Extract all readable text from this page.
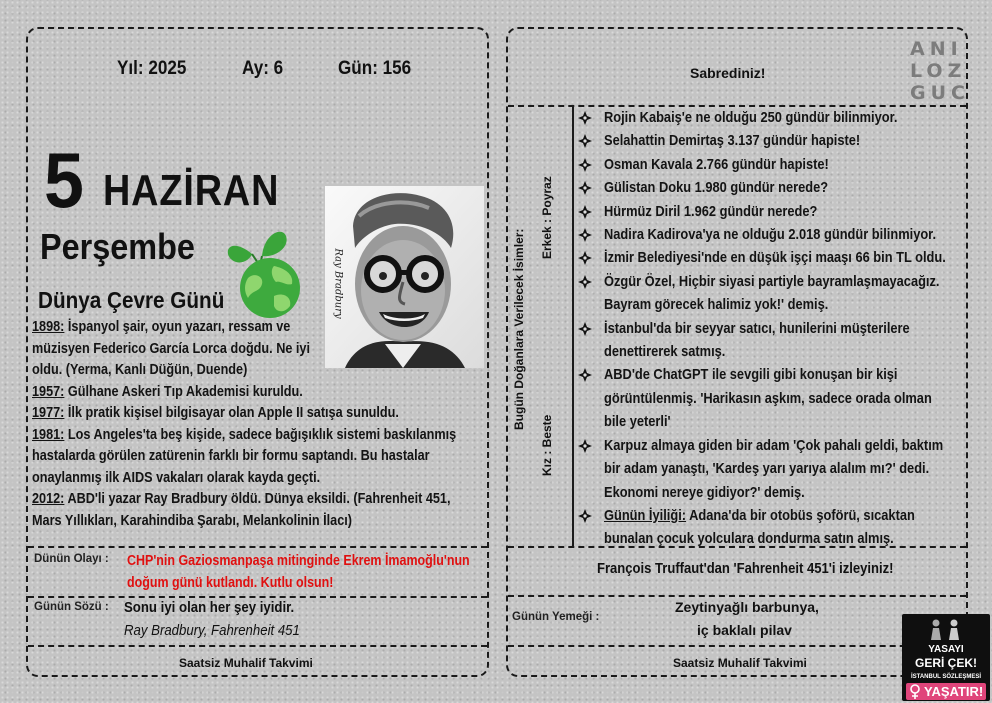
Yıl: 2025	Ay: 6	Gün: 156
5 HAZİRAN
Perşembe
Dünya Çevre Günü	Ray Bradbury

1898: İspanyol şair, oyun yazarı, ressam ve

müzisyen Federico García Lorca doğdu. Ne iyi

oldu. (Yerma, Kanlı Düğün, Duende)

1957: Gülhane Askeri Tıp Akademisi kuruldu.

1977: İlk pratik kişisel bilgisayar olan Apple II satışa sunuldu.

1981: Los Angeles'ta beş kişide, sadece bağışıklık sistemi baskılanmış

hastalarda görülen zatürenin farklı bir formu saptandı. Bu hastalar

onaylanmış ilk AIDS vakaları olarak kayda geçti.

2012: ABD'li yazar Ray Bradbury öldü. Dünya eksildi. (Fahrenheit 451,

Mars Yıllıkları, Karahindiba Şarabı, Melankolinin İlacı)

Dünün Olayı : CHP'nin Gaziosmanpaşa mitinginde Ekrem İmamoğlu'nun
doğum günü kutlandı. Kutlu olsun!
Günün Sözü : Sonu iyi olan her şey iyidir.
Ray Bradbury, Fahrenheit 451
Saatsiz Muhalif Takvimi
Sabrediniz!
ANI
LOZ
GUC
Bugün Doğanlara Verilecek İsimler:
Erkek : Poyraz
Kız : Beste
Rojin Kabaiş'e ne olduğu 250 gündür bilinmiyor.
Selahattin Demirtaş 3.137 gündür hapiste!
Osman Kavala 2.766 gündür hapiste!
Gülistan Doku 1.980 gündür nerede?
Hürmüz Diril 1.962 gündür nerede?
Nadira Kadirova'ya ne olduğu 2.018 gündür bilinmiyor.
İzmir Belediyesi'nde en düşük işçi maaşı 66 bin TL oldu.
Özgür Özel, Hiçbir siyasi partiyle bayramlaşmayacağız.
Bayram görecek halimiz yok!' demiş.
İstanbul'da bir seyyar satıcı, hunilerini müşterilere
denettirerek satmış.
ABD'de ChatGPT ile sevgili gibi konuşan bir kişi
görüntülenmiş. 'Harikasın aşkım, sadece orada olman
bile yeterli'
Karpuz almaya giden bir adam 'Çok pahalı geldi, baktım
bir adam yanaştı, 'Kardeş yarı yarıya alalım mı?' dedi.
Ekonomi nereye gidiyor?' demiş.
Günün İyiliği: Adana'da bir otobüs şoförü, sıcaktan
bunalan çocuk yolculara dondurma satın almış.
François Truffaut'dan 'Fahrenheit 451'i izleyiniz!
Günün Yemeği :
Zeytinyağlı barbunya,
iç baklalı pilav
Saatsiz Muhalif Takvimi
YASAYI
GERİ ÇEK!
İSTANBUL SÖZLEŞMESİ
YAŞATIR!
